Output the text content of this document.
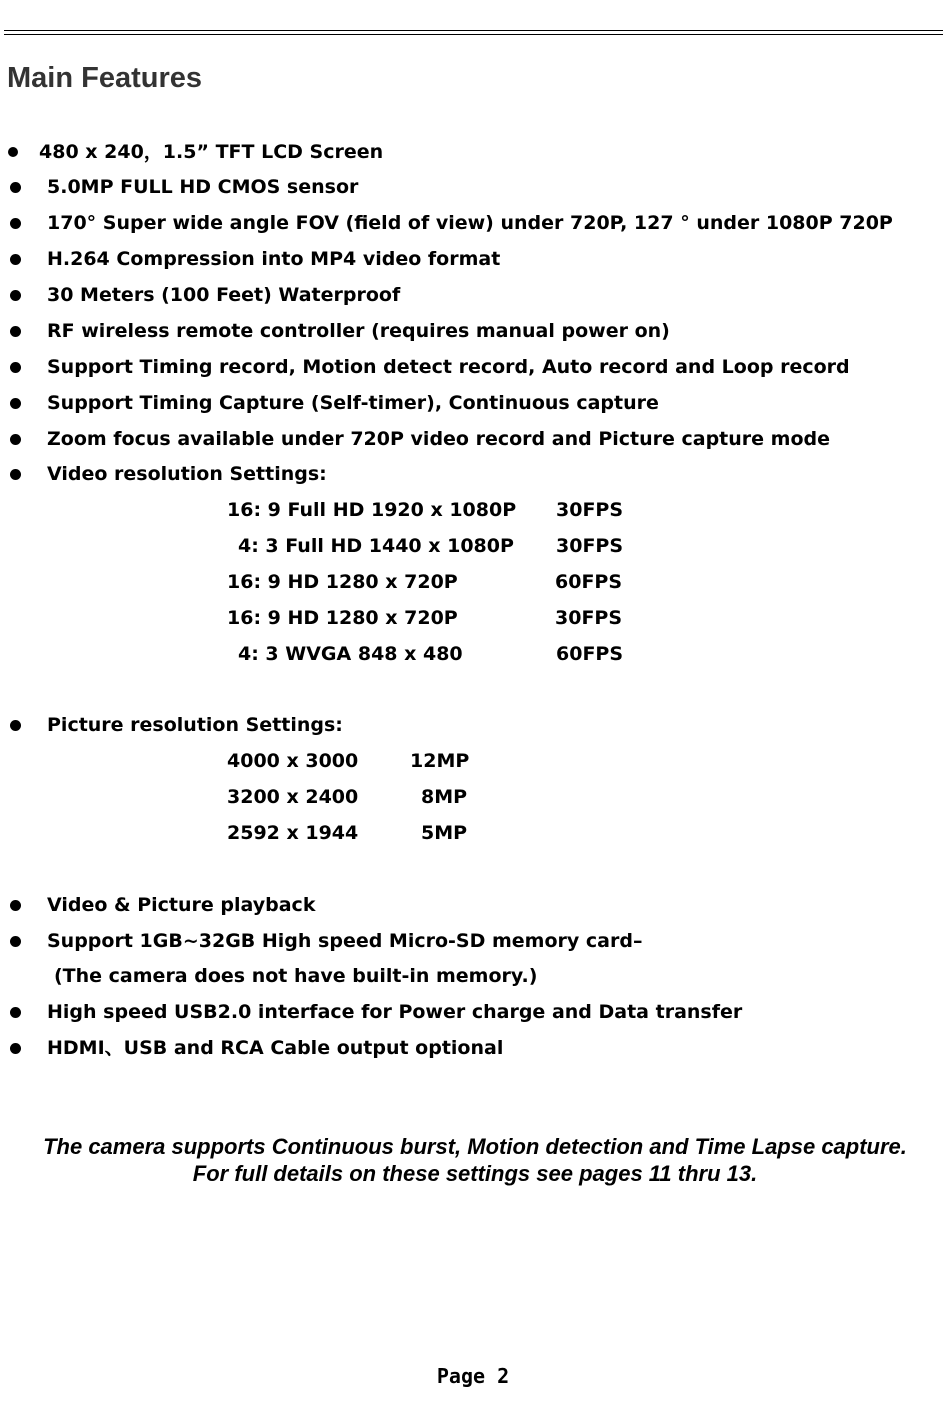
Main Features
480 x 240，1.5” TFT LCD Screen
5.0MP FULL HD CMOS sensor
170° Super wide angle FOV (field of view) under 720P, 127 ° under 1080P 720P
H.264 Compression into MP4 video format
30 Meters (100 Feet) Waterproof
RF wireless remote controller (requires manual power on)
Support Timing record, Motion detect record, Auto record and Loop record
Support Timing Capture (Self-timer), Continuous capture
Zoom focus available under 720P video record and Picture capture mode
Video resolution Settings:
16: 9 Full HD 1920 x 1080P 30FPS
4: 3 Full HD 1440 x 1080P 30FPS
16: 9 HD 1280 x 720P	60FPS
16: 9 HD 1280 x 720P	30FPS
4: 3 WVGA 848 x 480	60FPS
Picture resolution Settings:
4000 x 3000	12MP
3200 x 2400	8MP
2592 x 1944	5MP
Video & Picture playback
Support 1GB~32GB High speed Micro-SD memory card–
(The camera does not have built-in memory.)
High speed USB2.0 interface for Power charge and Data transfer
HDMI、USB and RCA Cable output optional
The camera supports Continuous burst, Motion detection and Time Lapse capture.
For full details on these settings see pages 11 thru 13.
Page 2
